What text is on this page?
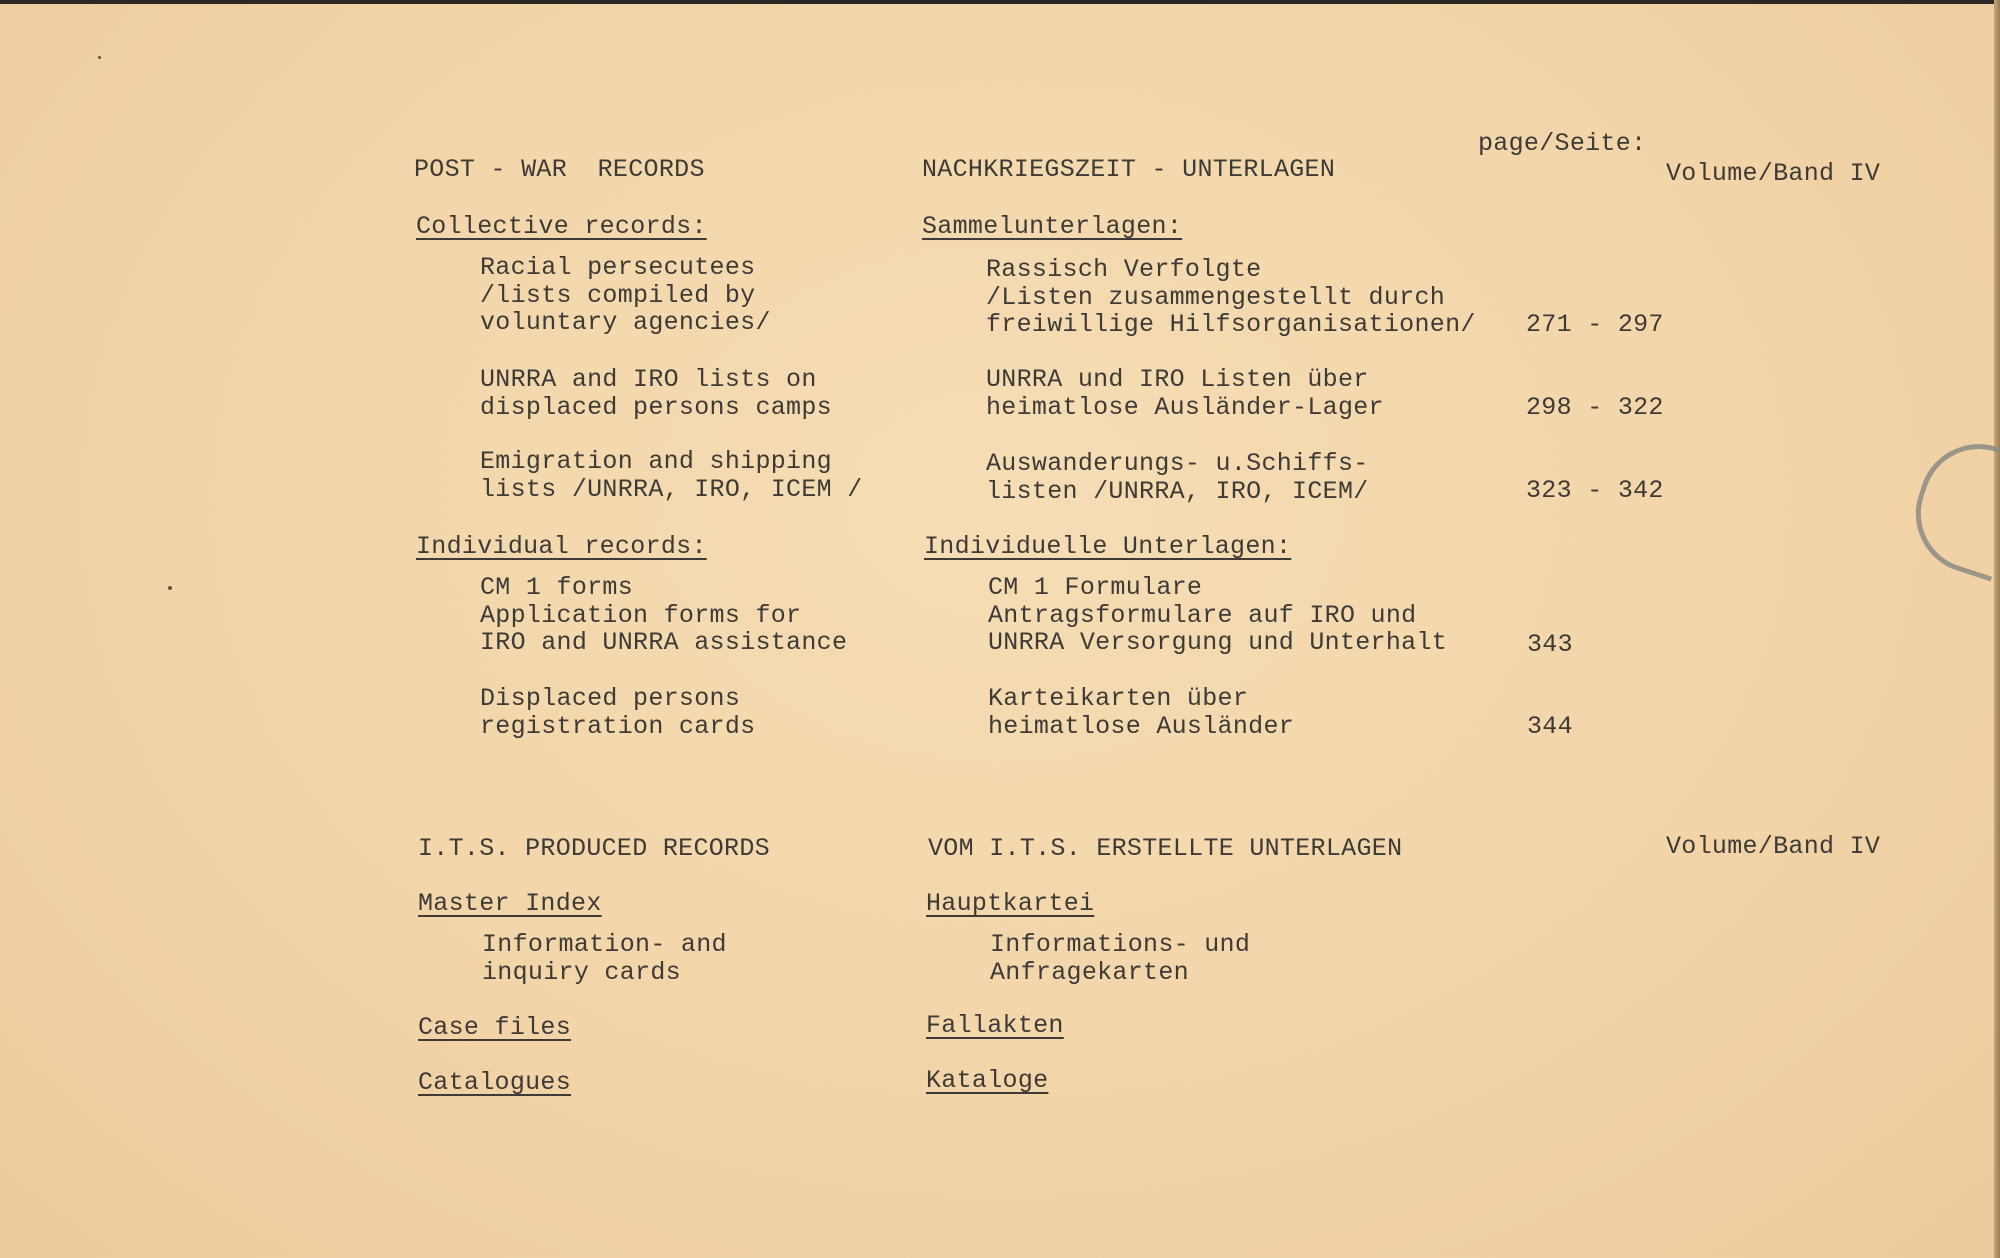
page/Seite:
POST - WAR  RECORDS	NACHKRIEGSZEIT - UNTERLAGEN	Volume/Band IV
Collective records:	Sammelunterlagen:
Racial persecutees
/lists compiled by
voluntary agencies/
Rassisch Verfolgte
/Listen zusammengestellt durch
freiwillige Hilfsorganisationen/ 271 - 297
UNRRA and IRO lists on
displaced persons camps
UNRRA und IRO Listen über
heimatlose Ausländer-Lager	298 - 322
Emigration and shipping
lists /UNRRA, IRO, ICEM /
Auswanderungs- u.Schiffs-
listen /UNRRA, IRO, ICEM/	323 - 342
Individual records:	Individuelle Unterlagen:
CM 1 forms
Application forms for
IRO and UNRRA assistance
CM 1 Formulare
Antragsformulare auf IRO und
UNRRA Versorgung und Unterhalt	343
Displaced persons
registration cards
Karteikarten über
heimatlose Ausländer	344
I.T.S. PRODUCED RECORDS	VOM I.T.S. ERSTELLTE UNTERLAGEN	Volume/Band IV
Master Index	Hauptkartei
Information- and
inquiry cards
Informations- und
Anfragekarten
Case files	Fallakten
Catalogues	Kataloge
